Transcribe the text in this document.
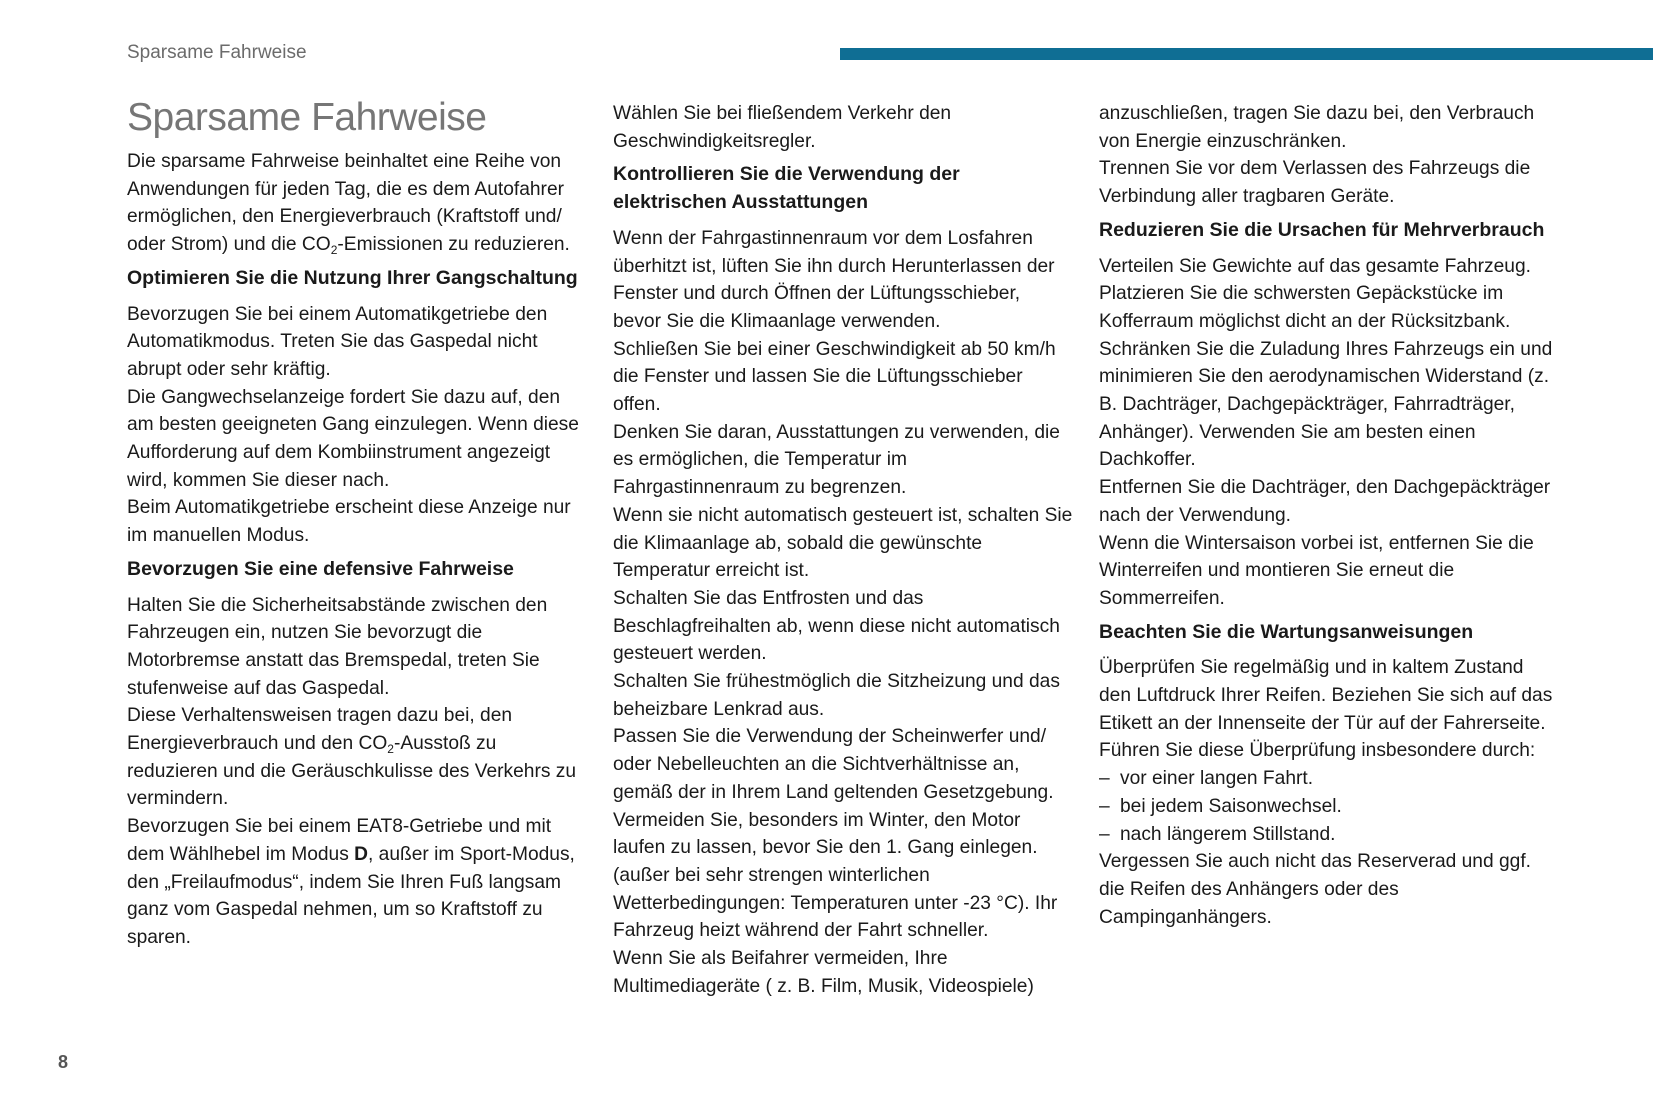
Sparsame Fahrweise
Sparsame Fahrweise

Die sparsame Fahrweise beinhaltet eine Reihe von Anwendungen für jeden Tag, die es dem Autofahrer ermöglichen, den Energieverbrauch (Kraftstoff und/ oder Strom) und die $CO_2$-Emissionen zu reduzieren.

Optimieren Sie die Nutzung Ihrer Gangschaltung

Bevorzugen Sie bei einem Automatikgetriebe den Automatikmodus. Treten Sie das Gaspedal nicht abrupt oder sehr kräftig.

Die Gangwechselanzeige fordert Sie dazu auf, den am besten geeigneten Gang einzulegen. Wenn diese Aufforderung auf dem Kombiinstrument angezeigt wird, kommen Sie dieser nach.

Beim Automatikgetriebe erscheint diese Anzeige nur im manuellen Modus.

Bevorzugen Sie eine defensive Fahrweise

Halten Sie die Sicherheitsabstände zwischen den Fahrzeugen ein, nutzen Sie bevorzugt die Motorbremse anstatt das Bremspedal, treten Sie stufenweise auf das Gaspedal.

Diese Verhaltensweisen tragen dazu bei, den Energieverbrauch und den $CO_2$-Ausstoß zu reduzieren und die Geräuschkulisse des Verkehrs zu vermindern.

Bevorzugen Sie bei einem EAT8-Getriebe und mit dem Wählhebel im Modus D, außer im Sport-Modus, den „Freilaufmodus“, indem Sie Ihren Fuß langsam ganz vom Gaspedal nehmen, um so Kraftstoff zu sparen.

Wählen Sie bei fließendem Verkehr den Geschwindigkeitsregler.

Kontrollieren Sie die Verwendung der elektrischen Ausstattungen

Wenn der Fahrgastinnenraum vor dem Losfahren überhitzt ist, lüften Sie ihn durch Herunterlassen der Fenster und durch Öffnen der Lüftungsschieber, bevor Sie die Klimaanlage verwenden.

Schließen Sie bei einer Geschwindigkeit ab 50 km/h die Fenster und lassen Sie die Lüftungsschieber offen.

Denken Sie daran, Ausstattungen zu verwenden, die es ermöglichen, die Temperatur im Fahrgastinnenraum zu begrenzen.

Wenn sie nicht automatisch gesteuert ist, schalten Sie die Klimaanlage ab, sobald die gewünschte Temperatur erreicht ist.

Schalten Sie das Entfrosten und das Beschlagfreihalten ab, wenn diese nicht automatisch gesteuert werden.

Schalten Sie frühestmöglich die Sitzheizung und das beheizbare Lenkrad aus.

Passen Sie die Verwendung der Scheinwerfer und/ oder Nebelleuchten an die Sichtverhältnisse an, gemäß der in Ihrem Land geltenden Gesetzgebung.

Vermeiden Sie, besonders im Winter, den Motor laufen zu lassen, bevor Sie den 1. Gang einlegen.(außer bei sehr strengen winterlichen Wetterbedingungen: Temperaturen unter -23 °C). Ihr Fahrzeug heizt während der Fahrt schneller.

Wenn Sie als Beifahrer vermeiden, Ihre Multimediageräte ( z. B. Film, Musik, Videospiele)

anzuschließen, tragen Sie dazu bei, den Verbrauch von Energie einzuschränken.

Trennen Sie vor dem Verlassen des Fahrzeugs die Verbindung aller tragbaren Geräte.

Reduzieren Sie die Ursachen für Mehrverbrauch

Verteilen Sie Gewichte auf das gesamte Fahrzeug. Platzieren Sie die schwersten Gepäckstücke im Kofferraum möglichst dicht an der Rücksitzbank.

Schränken Sie die Zuladung Ihres Fahrzeugs ein und minimieren Sie den aerodynamischen Widerstand (z. B. Dachträger, Dachgepäckträger, Fahrradträger, Anhänger). Verwenden Sie am besten einen Dachkoffer.

Entfernen Sie die Dachträger, den Dachgepäckträger nach der Verwendung.

Wenn die Wintersaison vorbei ist, entfernen Sie die Winterreifen und montieren Sie erneut die Sommerreifen.

Beachten Sie die Wartungsanweisungen

Überprüfen Sie regelmäßig und in kaltem Zustand den Luftdruck Ihrer Reifen. Beziehen Sie sich auf das Etikett an der Innenseite der Tür auf der Fahrerseite.

Führen Sie diese Überprüfung insbesondere durch:

– vor einer langen Fahrt.
– bei jedem Saisonwechsel.
– nach längerem Stillstand.

Vergessen Sie auch nicht das Reserverad und ggf. die Reifen des Anhängers oder des Campinganhängers.

8
